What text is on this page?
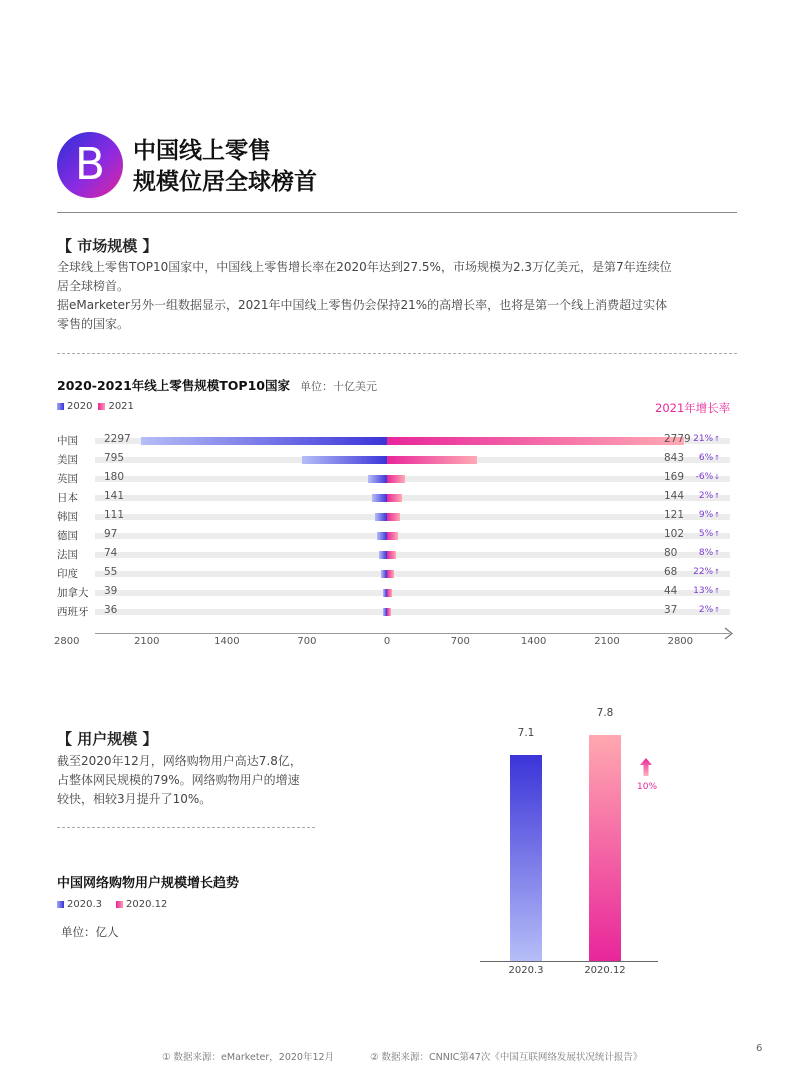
B	中国线上零售
规模位居全球榜首
【 市场规模 】
全球线上零售TOP10国家中，中国线上零售增长率在2020年达到27.5%，市场规模为2.3万亿美元，是第7年连续位
居全球榜首。
据eMarketer另外一组数据显示，2021年中国线上零售仍会保持21%的高增长率，也将是第一个线上消费超过实体
零售的国家。
2020-2021年线上零售规模TOP10国家 单位：十亿美元
2020 2021	2021年增长率
中国 2297	2779 21%↑
美国 795	843	6%↑
英国 180	169	-6%↓
日本 141	144	2%↑
韩国 111	121	9%↑
德国 97	102	5%↑
法国 74	80	8%↑
印度 55	68	22%↑
加拿大 39	44	13%↑
西班牙 36	37	2%↑
2800	2100	1400	700	0	700	1400	2100	2800
【 用户规模 】
截至2020年12月，网络购物用户高达7.8亿，
占整体网民规模的79%。网络购物用户的增速
较快，相较3月提升了10%。
中国网络购物用户规模增长趋势
2020.3 2020.12
单位：亿人
7.1
7.8
2020.3	2020.12
10%
① 数据来源：eMarketer，2020年12月	② 数据来源：CNNIC第47次《中国互联网络发展状况统计报告》
6
